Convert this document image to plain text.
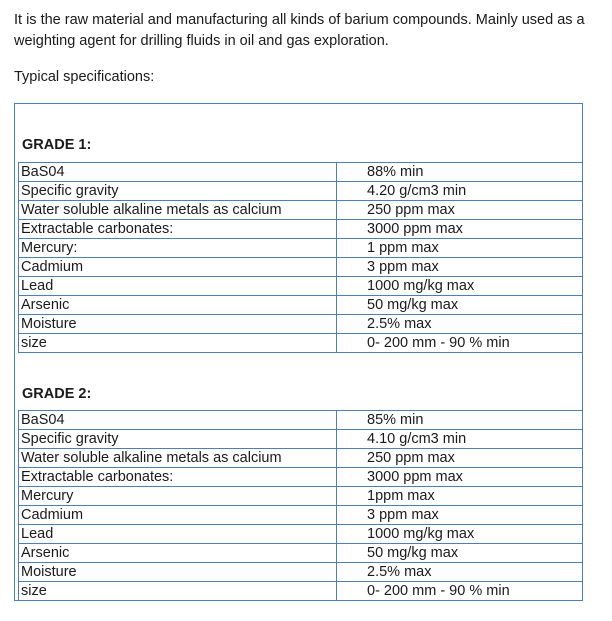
It is the raw material and manufacturing all kinds of barium compounds. Mainly used as a weighting agent for drilling fluids in oil and gas exploration.

Typical specifications:

GRADE 1:

BaS04	88% min
Specific gravity	4.20 g/cm3 min
Water soluble alkaline metals as calcium	250 ppm max
Extractable carbonates:	3000 ppm max
Mercury:	1 ppm max
Cadmium	3 ppm max
Lead	1000 mg/kg max
Arsenic	50 mg/kg max
Moisture	2.5% max
size	0- 200 mm - 90 % min

GRADE 2:

BaS04	85% min
Specific gravity	4.10 g/cm3 min
Water soluble alkaline metals as calcium	250 ppm max
Extractable carbonates:	3000 ppm max
Mercury	1ppm max
Cadmium	3 ppm max
Lead	1000 mg/kg max
Arsenic	50 mg/kg max
Moisture	2.5% max
size	0- 200 mm - 90 % min
